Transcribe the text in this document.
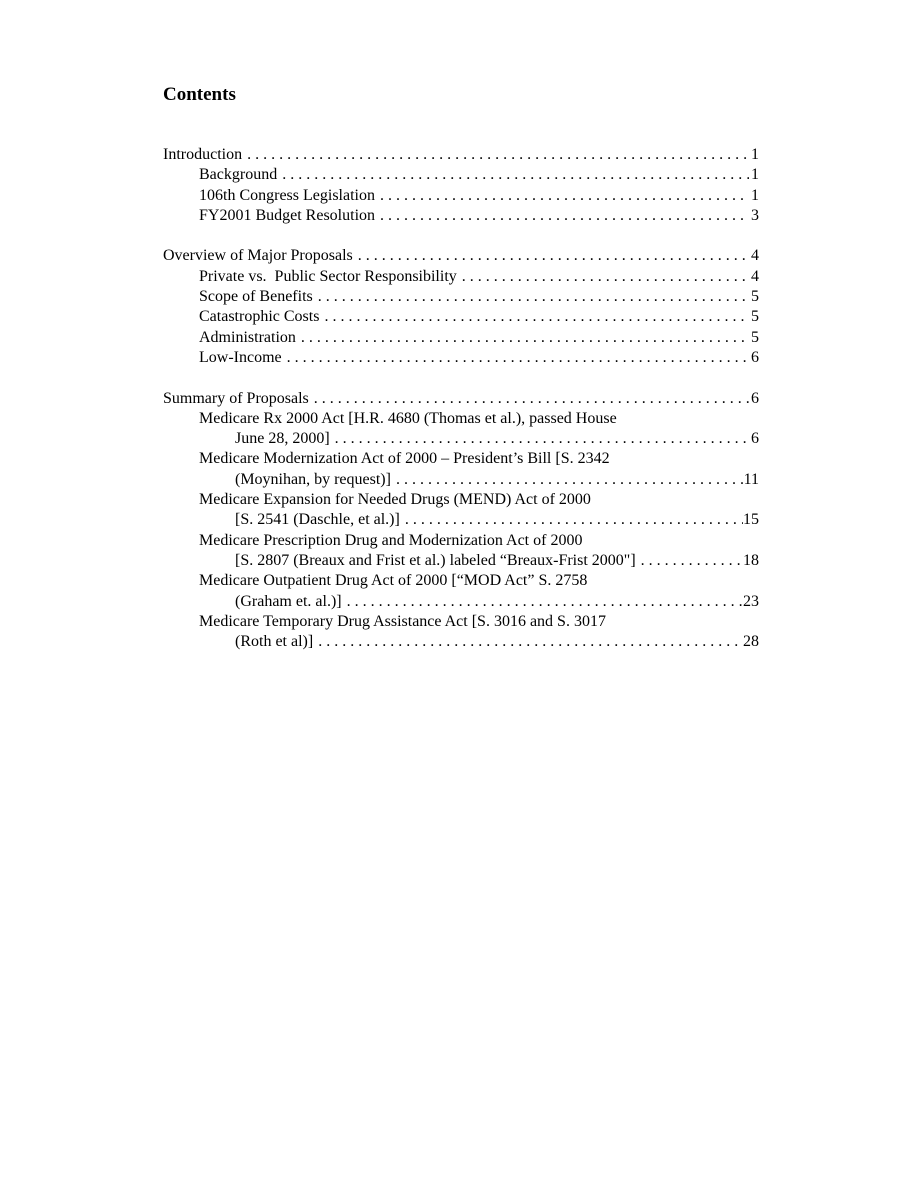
Contents
Introduction . . .	1
Background . . .	1
106th Congress Legislation . . .	1
FY2001 Budget Resolution . . .	3
Overview of Major Proposals . . .	4
Private vs.  Public Sector Responsibility . . .	4
Scope of Benefits . . .	5
Catastrophic Costs . . .	5
Administration . . .	5
Low-Income . . .	6
Summary of Proposals . . .	6
Medicare Rx 2000 Act [H.R. 4680 (Thomas et al.), passed House
June 28, 2000] . . .	6
Medicare Modernization Act of 2000 – President’s Bill [S. 2342
(Moynihan, by request)] . . .	11
Medicare Expansion for Needed Drugs (MEND) Act of 2000
[S. 2541 (Daschle, et al.)] . . .	15
Medicare Prescription Drug and Modernization Act of 2000
[S. 2807 (Breaux and Frist et al.) labeled “Breaux-Frist 2000"] . . .	18
Medicare Outpatient Drug Act of 2000 [“MOD Act” S. 2758
(Graham et. al.)] . . .	23
Medicare Temporary Drug Assistance Act [S. 3016 and S. 3017
(Roth et al)] . . .	28
